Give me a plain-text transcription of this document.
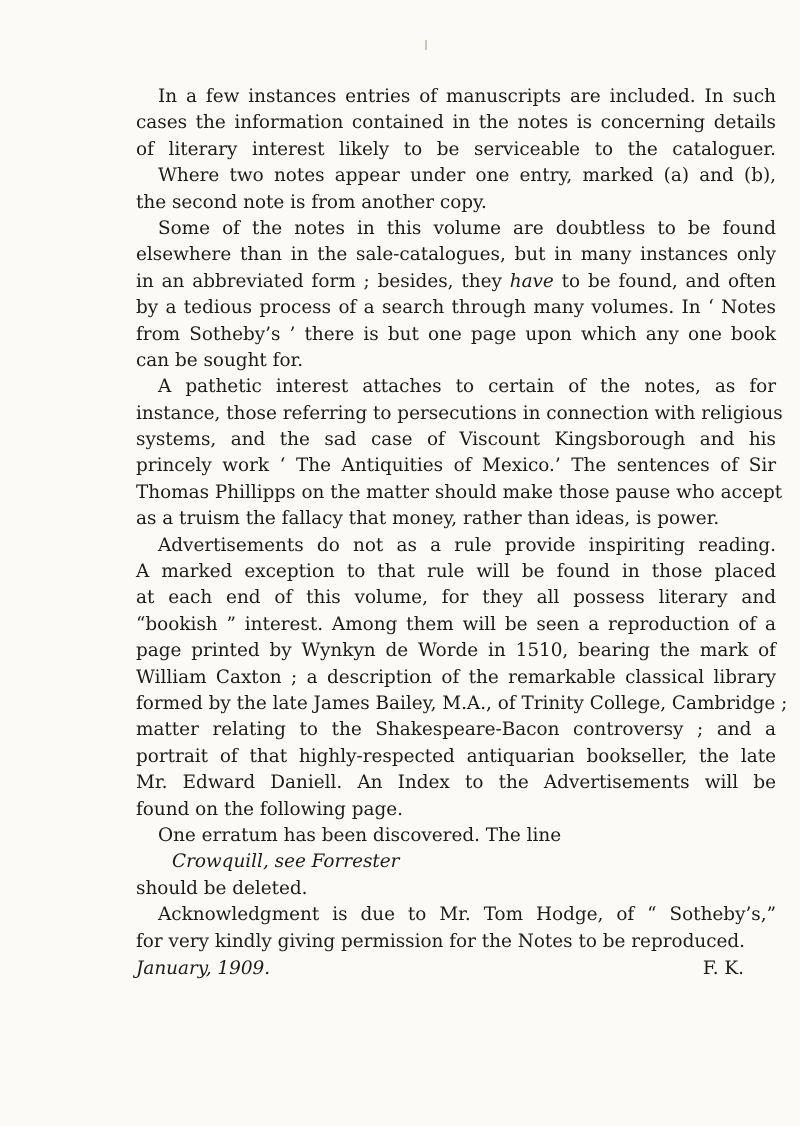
In a few instances entries of manuscripts are included. In such
cases the information contained in the notes is concerning details
of literary interest likely to be serviceable to the cataloguer.
Where two notes appear under one entry, marked (a) and (b),
the second note is from another copy.
Some of the notes in this volume are doubtless to be found
elsewhere than in the sale-catalogues, but in many instances only
in an abbreviated form ; besides, they have to be found, and often
by a tedious process of a search through many volumes. In ‘ Notes
from Sotheby’s ’ there is but one page upon which any one book
can be sought for.
A pathetic interest attaches to certain of the notes, as for
instance, those referring to persecutions in connection with religious
systems, and the sad case of Viscount Kingsborough and his
princely work ‘ The Antiquities of Mexico.’ The sentences of Sir
Thomas Phillipps on the matter should make those pause who accept
as a truism the fallacy that money, rather than ideas, is power.
Advertisements do not as a rule provide inspiriting reading.
A marked exception to that rule will be found in those placed
at each end of this volume, for they all possess literary and
“bookish ” interest. Among them will be seen a reproduction of a
page printed by Wynkyn de Worde in 1510, bearing the mark of
William Caxton ; a description of the remarkable classical library
formed by the late James Bailey, M.A., of Trinity College, Cambridge ;
matter relating to the Shakespeare-Bacon controversy ; and a
portrait of that highly-respected antiquarian bookseller, the late
Mr. Edward Daniell. An Index to the Advertisements will be
found on the following page.
One erratum has been discovered. The line
Crowquill, see Forrester
should be deleted.
Acknowledgment is due to Mr. Tom Hodge, of “ Sotheby’s,”
for very kindly giving permission for the Notes to be reproduced.
January, 1909.	F. K.
